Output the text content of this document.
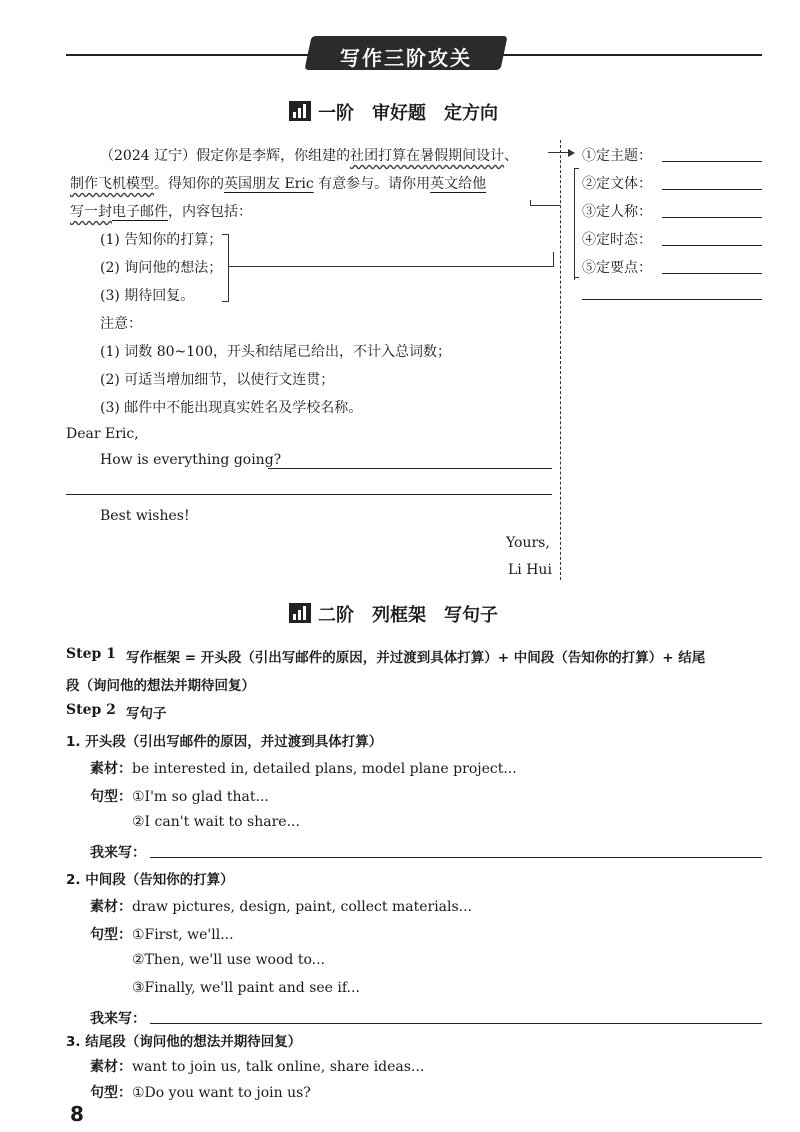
写作三阶攻关
一阶　审好题　定方向
（2024 辽宁）假定你是李辉，你组建的社团打算在暑假期间设计、
制作飞机模型。得知你的英国朋友 Eric 有意参与。请你用英文给他
写一封电子邮件，内容包括：
(1) 告知你的打算；
(2) 询问他的想法；
(3) 期待回复。
注意：
(1) 词数 80~100，开头和结尾已给出，不计入总词数；
(2) 可适当增加细节，以使行文连贯；
(3) 邮件中不能出现真实姓名及学校名称。
Dear Eric,
How is everything going?
Best wishes!
Yours,
Li Hui
①定主题：
②定文体：
③定人称：
④定时态：
⑤定要点：
二阶　列框架　写句子
Step 1 写作框架 = 开头段（引出写邮件的原因，并过渡到具体打算）+ 中间段（告知你的打算）+ 结尾
段（询问他的想法并期待回复）
Step 2 写句子
1. 开头段（引出写邮件的原因，并过渡到具体打算）
素材：be interested in, detailed plans, model plane project...
句型：①I'm so glad that...
②I can't wait to share...
我来写：
2. 中间段（告知你的打算）
素材：draw pictures, design, paint, collect materials...
句型：①First, we'll...
②Then, we'll use wood to...
③Finally, we'll paint and see if...
我来写：
3. 结尾段（询问他的想法并期待回复）
素材：want to join us, talk online, share ideas...
句型：①Do you want to join us?
8
